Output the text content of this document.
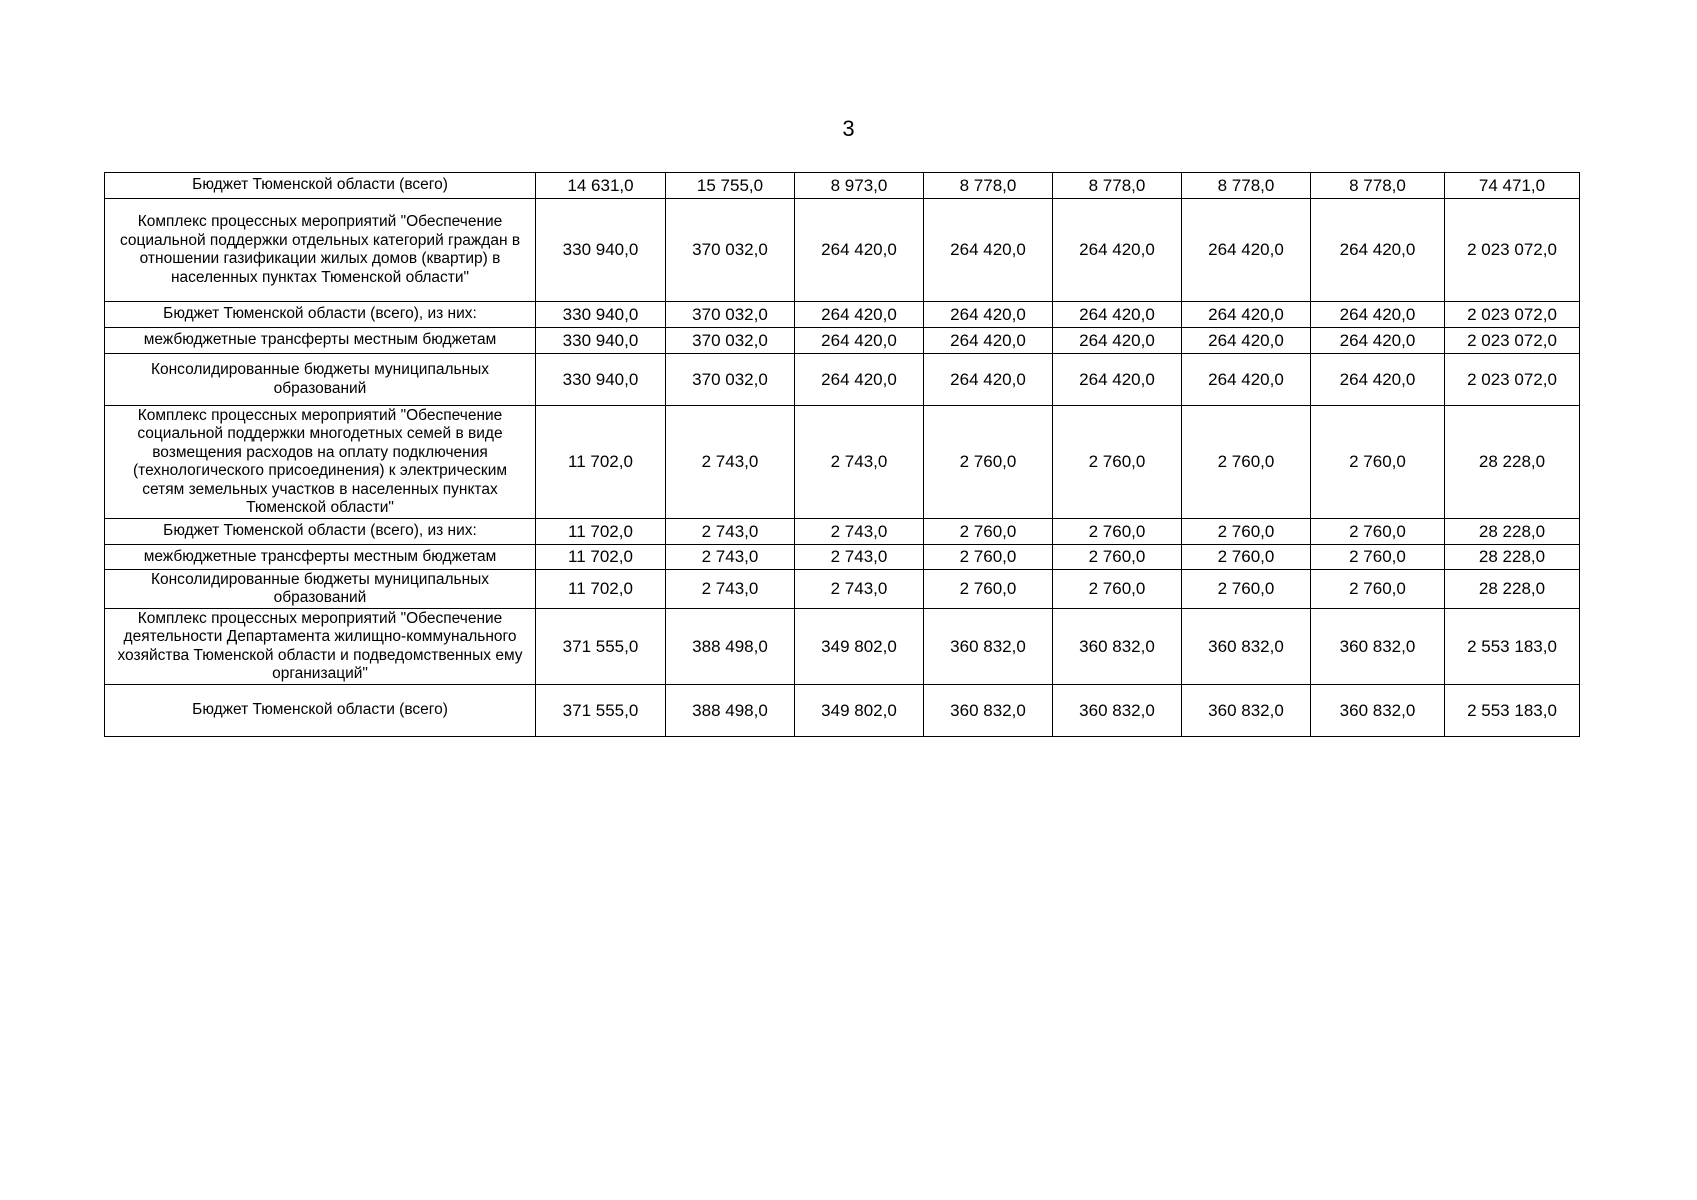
3
Бюджет Тюменской области (всего)	14 631,0	15 755,0	8 973,0	8 778,0	8 778,0	8 778,0	8 778,0	74 471,0
Комплекс процессных мероприятий "Обеспечение социальной поддержки отдельных категорий граждан в отношении газификации жилых домов (квартир) в населенных пунктах Тюменской области"	330 940,0	370 032,0	264 420,0	264 420,0	264 420,0	264 420,0	264 420,0	2 023 072,0
Бюджет Тюменской области (всего), из них:	330 940,0	370 032,0	264 420,0	264 420,0	264 420,0	264 420,0	264 420,0	2 023 072,0
межбюджетные трансферты местным бюджетам	330 940,0	370 032,0	264 420,0	264 420,0	264 420,0	264 420,0	264 420,0	2 023 072,0
Консолидированные бюджеты муниципальных образований	330 940,0	370 032,0	264 420,0	264 420,0	264 420,0	264 420,0	264 420,0	2 023 072,0
Комплекс процессных мероприятий "Обеспечение социальной поддержки многодетных семей в виде возмещения расходов на оплату подключения (технологического присоединения) к электрическим сетям земельных участков в населенных пунктах Тюменской области"	11 702,0	2 743,0	2 743,0	2 760,0	2 760,0	2 760,0	2 760,0	28 228,0
Бюджет Тюменской области (всего), из них:	11 702,0	2 743,0	2 743,0	2 760,0	2 760,0	2 760,0	2 760,0	28 228,0
межбюджетные трансферты местным бюджетам	11 702,0	2 743,0	2 743,0	2 760,0	2 760,0	2 760,0	2 760,0	28 228,0
Консолидированные бюджеты муниципальных образований	11 702,0	2 743,0	2 743,0	2 760,0	2 760,0	2 760,0	2 760,0	28 228,0
Комплекс процессных мероприятий "Обеспечение деятельности Департамента жилищно-коммунального хозяйства Тюменской области и подведомственных ему организаций"	371 555,0	388 498,0	349 802,0	360 832,0	360 832,0	360 832,0	360 832,0	2 553 183,0
Бюджет Тюменской области (всего)	371 555,0	388 498,0	349 802,0	360 832,0	360 832,0	360 832,0	360 832,0	2 553 183,0
